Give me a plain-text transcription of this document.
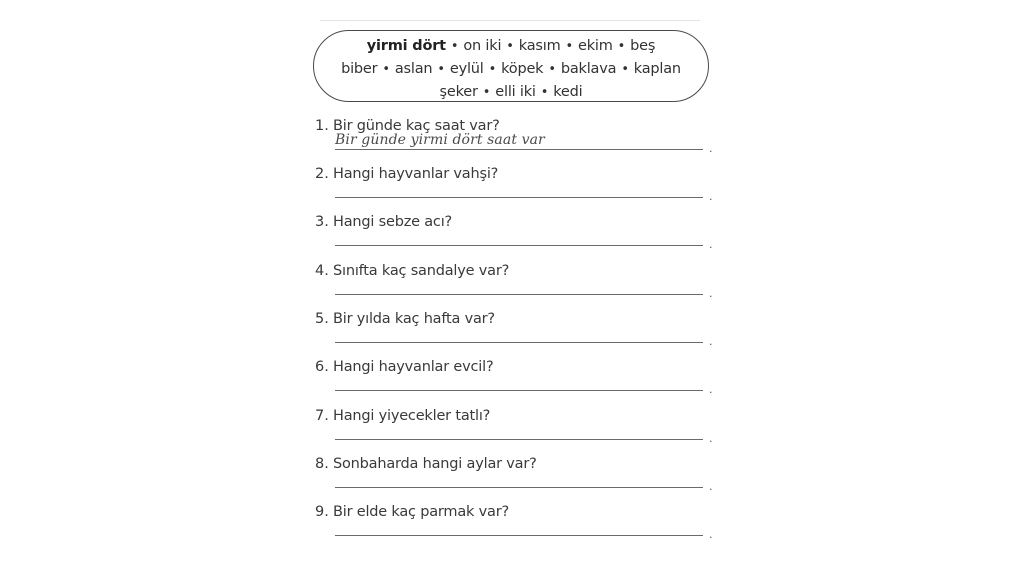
yirmi dört • on iki • kasım • ekim • beş
biber • aslan • eylül • köpek • baklava • kaplan
şeker • elli iki • kedi
1. Bir günde kaç saat var?
Bir günde yirmi dört saat var
.
2. Hangi hayvanlar vahşi?
.
3. Hangi sebze acı?
.
4. Sınıfta kaç sandalye var?
.
5. Bir yılda kaç hafta var?
.
6. Hangi hayvanlar evcil?
.
7. Hangi yiyecekler tatlı?
.
8. Sonbaharda hangi aylar var?
.
9. Bir elde kaç parmak var?
.
